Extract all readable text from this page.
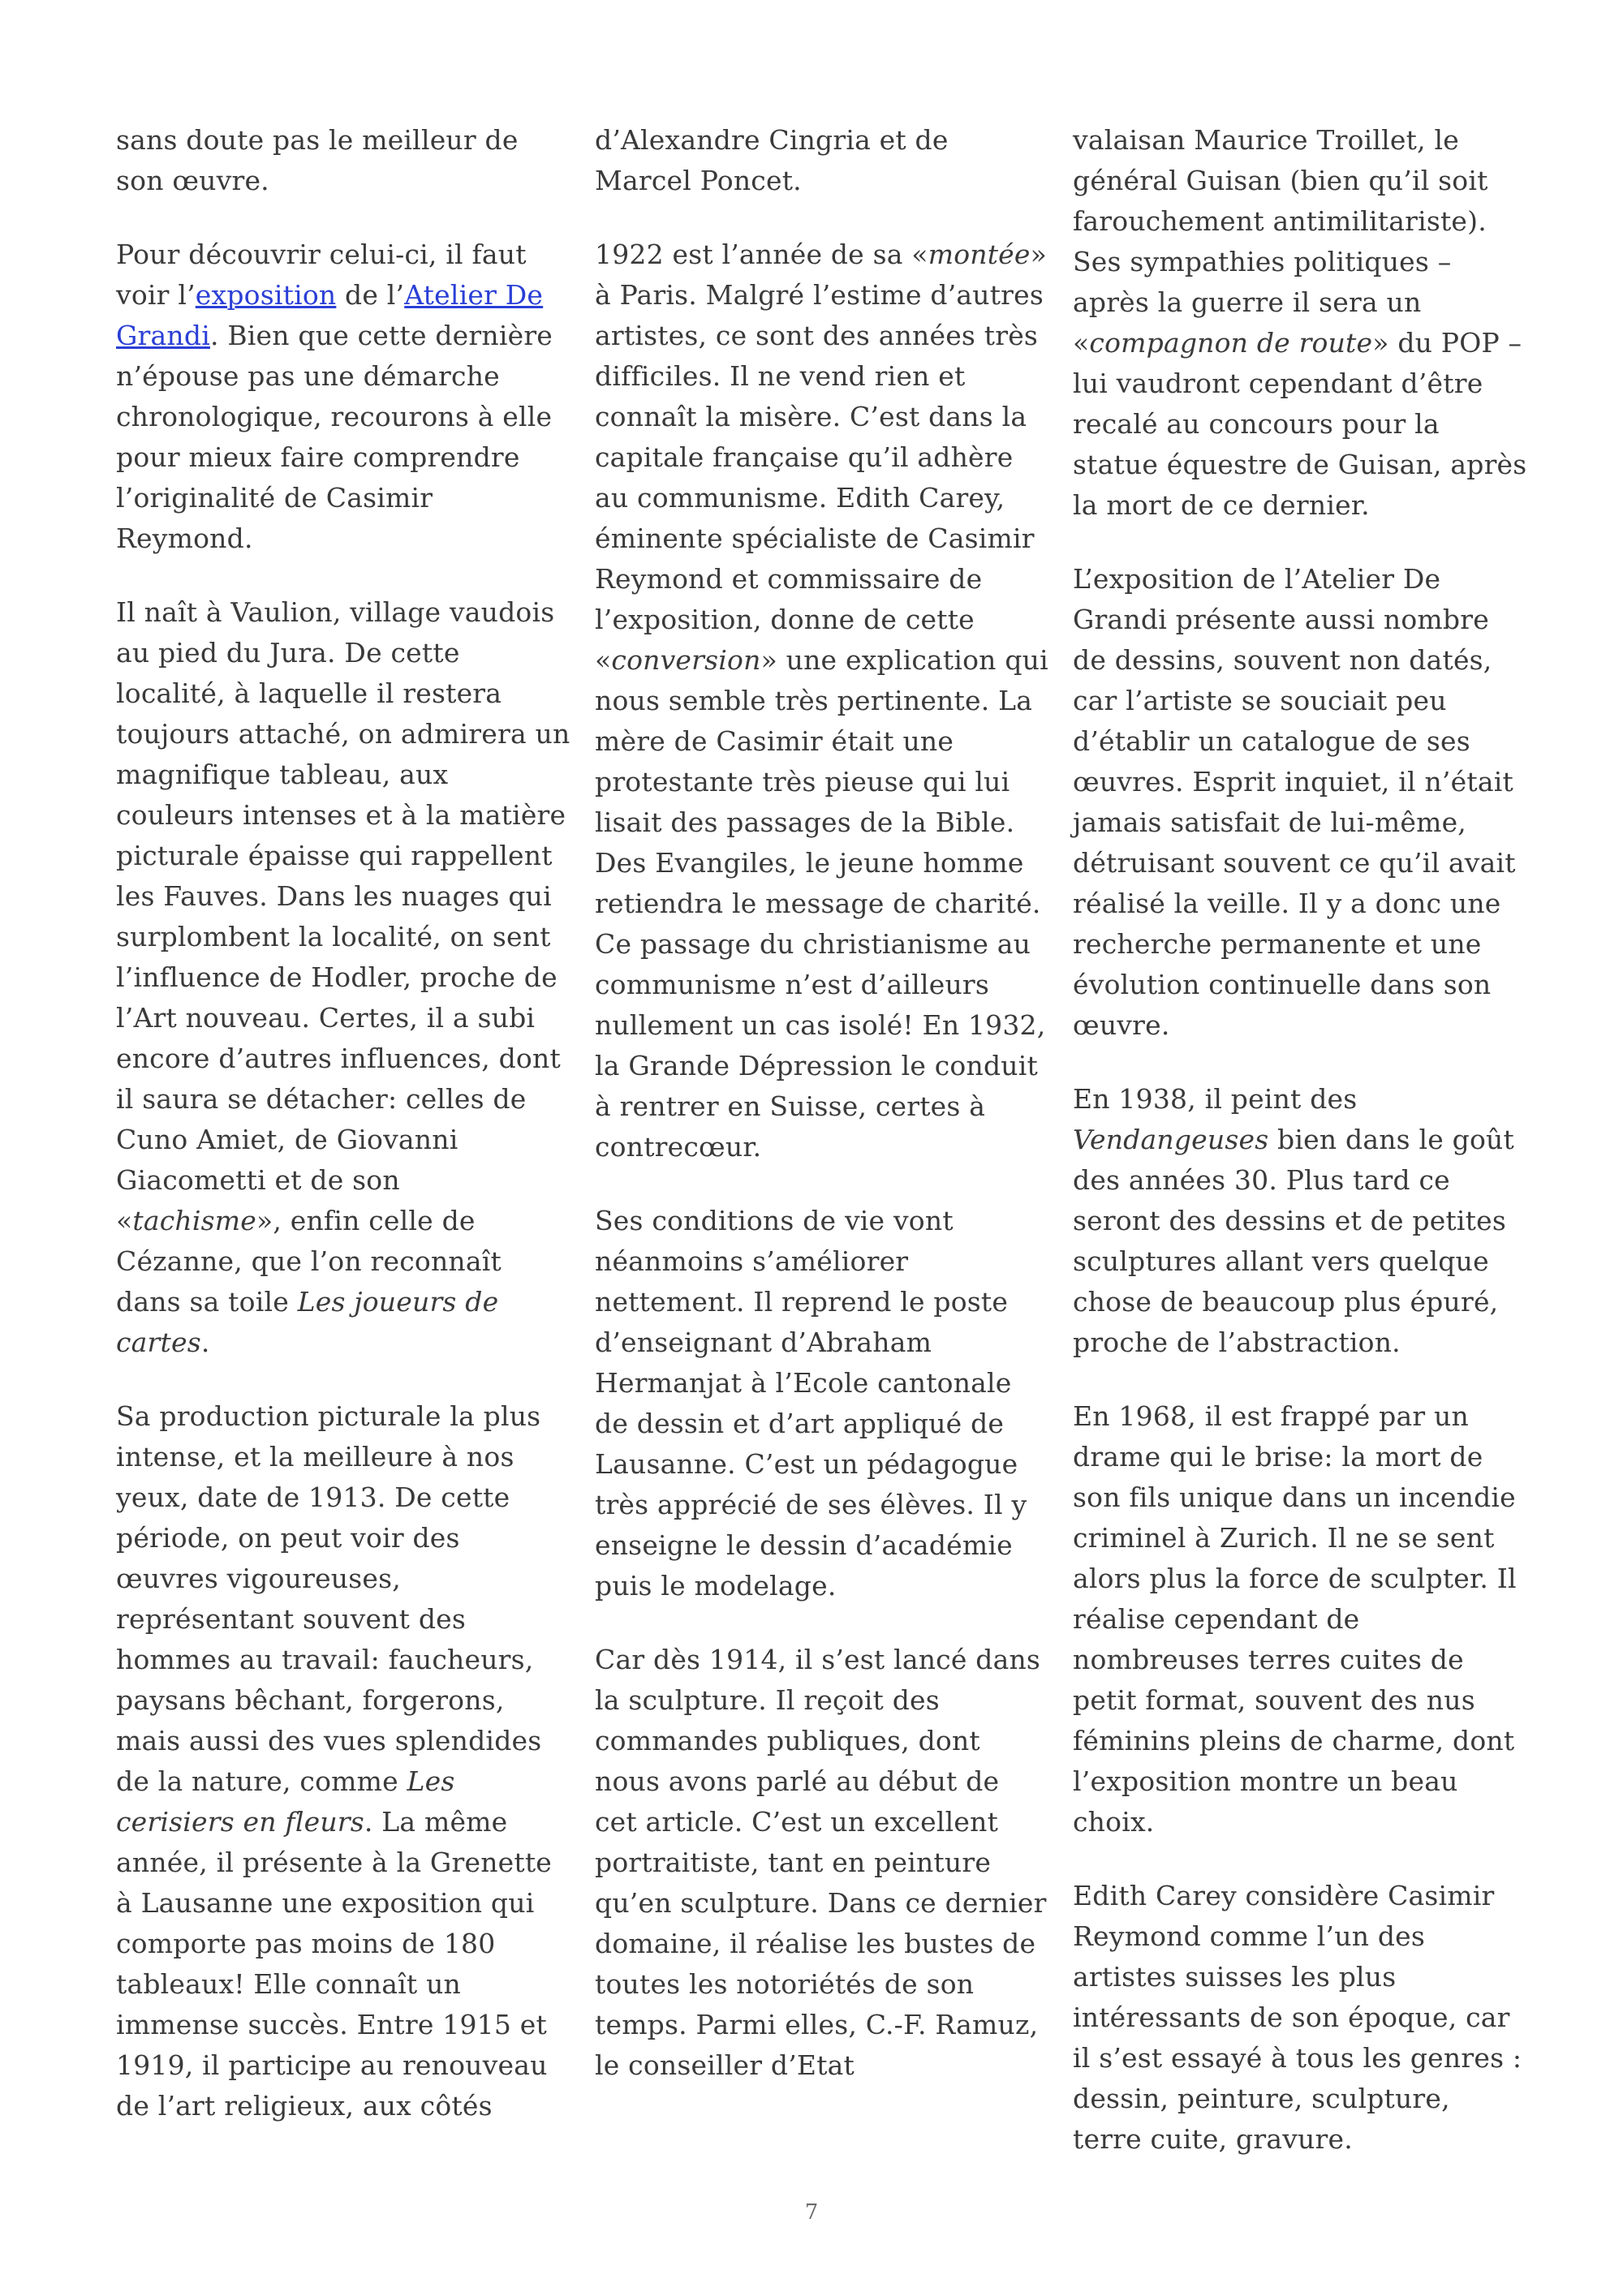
sans doute pas le meilleur de son œuvre.

Pour découvrir celui-ci, il faut voir l’exposition de l’Atelier De Grandi. Bien que cette dernière n’épouse pas une démarche chronologique, recourons à elle pour mieux faire comprendre l’originalité de Casimir Reymond.

Il naît à Vaulion, village vaudois au pied du Jura. De cette localité, à laquelle il restera toujours attaché, on admirera un magnifique tableau, aux couleurs intenses et à la matière picturale épaisse qui rappellent les Fauves. Dans les nuages qui surplombent la localité, on sent l’influence de Hodler, proche de l’Art nouveau. Certes, il a subi encore d’autres influences, dont il saura se détacher: celles de Cuno Amiet, de Giovanni Giacometti et de son «tachisme», enfin celle de Cézanne, que l’on reconnaît dans sa toile Les joueurs de cartes.

Sa production picturale la plus intense, et la meilleure à nos yeux, date de 1913. De cette période, on peut voir des œuvres vigoureuses, représentant souvent des hommes au travail: faucheurs, paysans bêchant, forgerons, mais aussi des vues splendides de la nature, comme Les cerisiers en fleurs. La même année, il présente à la Grenette à Lausanne une exposition qui comporte pas moins de 180 tableaux! Elle connaît un immense succès. Entre 1915 et 1919, il participe au renouveau de l’art religieux, aux côtés

d’Alexandre Cingria et de Marcel Poncet.

1922 est l’année de sa «montée» à Paris. Malgré l’estime d’autres artistes, ce sont des années très difficiles. Il ne vend rien et connaît la misère. C’est dans la capitale française qu’il adhère au communisme. Edith Carey, éminente spécialiste de Casimir Reymond et commissaire de l’exposition, donne de cette «conversion» une explication qui nous semble très pertinente. La mère de Casimir était une protestante très pieuse qui lui lisait des passages de la Bible. Des Evangiles, le jeune homme retiendra le message de charité. Ce passage du christianisme au communisme n’est d’ailleurs nullement un cas isolé! En 1932, la Grande Dépression le conduit à rentrer en Suisse, certes à contrecœur.

Ses conditions de vie vont néanmoins s’améliorer nettement. Il reprend le poste d’enseignant d’Abraham Hermanjat à l’Ecole cantonale de dessin et d’art appliqué de Lausanne. C’est un pédagogue très apprécié de ses élèves. Il y enseigne le dessin d’académie puis le modelage.

Car dès 1914, il s’est lancé dans la sculpture. Il reçoit des commandes publiques, dont nous avons parlé au début de cet article. C’est un excellent portraitiste, tant en peinture qu’en sculpture. Dans ce dernier domaine, il réalise les bustes de toutes les notoriétés de son temps. Parmi elles, C.-F. Ramuz, le conseiller d’Etat

valaisan Maurice Troillet, le général Guisan (bien qu’il soit farouchement antimilitariste). Ses sympathies politiques – après la guerre il sera un «compagnon de route» du POP – lui vaudront cependant d’être recalé au concours pour la statue équestre de Guisan, après la mort de ce dernier.

L’exposition de l’Atelier De Grandi présente aussi nombre de dessins, souvent non datés, car l’artiste se souciait peu d’établir un catalogue de ses œuvres. Esprit inquiet, il n’était jamais satisfait de lui-même, détruisant souvent ce qu’il avait réalisé la veille. Il y a donc une recherche permanente et une évolution continuelle dans son œuvre.

En 1938, il peint des Vendangeuses bien dans le goût des années 30. Plus tard ce seront des dessins et de petites sculptures allant vers quelque chose de beaucoup plus épuré, proche de l’abstraction.

En 1968, il est frappé par un drame qui le brise: la mort de son fils unique dans un incendie criminel à Zurich. Il ne se sent alors plus la force de sculpter. Il réalise cependant de nombreuses terres cuites de petit format, souvent des nus féminins pleins de charme, dont l’exposition montre un beau choix.

Edith Carey considère Casimir Reymond comme l’un des artistes suisses les plus intéressants de son époque, car il s’est essayé à tous les genres : dessin, peinture, sculpture, terre cuite, gravure.

7
